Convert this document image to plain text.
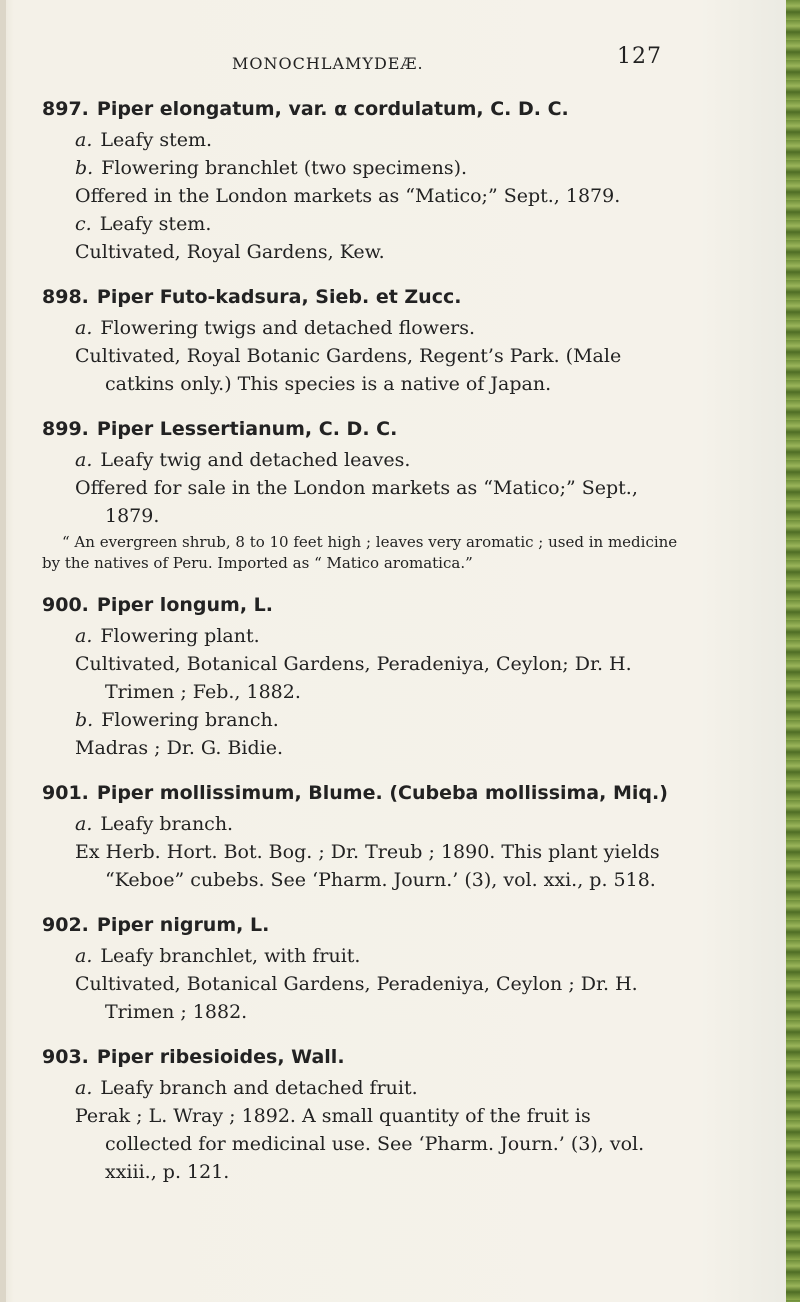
MONOCHLAMYDEÆ.	127
897. Piper elongatum, var. α cordulatum, C. D. C.
a. Leafy stem.
b. Flowering branchlet (two specimens).
Offered in the London markets as “Matico;” Sept., 1879.
c. Leafy stem.
Cultivated, Royal Gardens, Kew.
898. Piper Futo-kadsura, Sieb. et Zucc.
a. Flowering twigs and detached flowers.
Cultivated, Royal Botanic Gardens, Regent’s Park. (Male catkins only.) This species is a native of Japan.
899. Piper Lessertianum, C. D. C.
a. Leafy twig and detached leaves.
Offered for sale in the London markets as “Matico;” Sept., 1879.
“ An evergreen shrub, 8 to 10 feet high ; leaves very aromatic ; used in medicine by the natives of Peru. Imported as “ Matico aromatica.”
900. Piper longum, L.
a. Flowering plant.
Cultivated, Botanical Gardens, Peradeniya, Ceylon; Dr. H. Trimen ; Feb., 1882.
b. Flowering branch.
Madras ; Dr. G. Bidie.
901. Piper mollissimum, Blume. (Cubeba mollissima, Miq.)
a. Leafy branch.
Ex Herb. Hort. Bot. Bog. ; Dr. Treub ; 1890. This plant yields “Keboe” cubebs. See ‘Pharm. Journ.’ (3), vol. xxi., p. 518.
902. Piper nigrum, L.
a. Leafy branchlet, with fruit.
Cultivated, Botanical Gardens, Peradeniya, Ceylon ; Dr. H. Trimen ; 1882.
903. Piper ribesioides, Wall.
a. Leafy branch and detached fruit.
Perak ; L. Wray ; 1892. A small quantity of the fruit is collected for medicinal use. See ‘Pharm. Journ.’ (3), vol. xxiii., p. 121.
